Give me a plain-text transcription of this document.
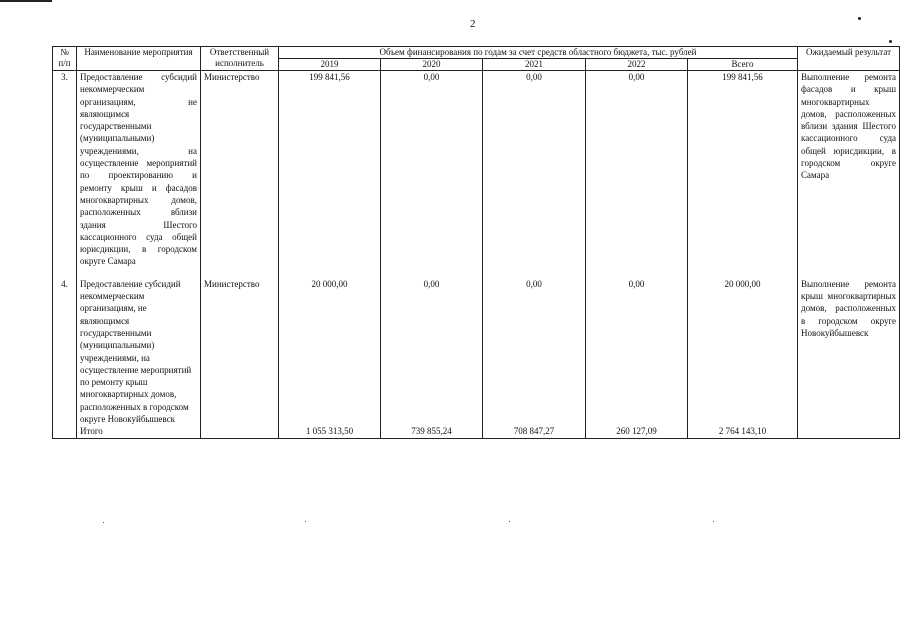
2
№ п/п	Наименование мероприятия	Ответственный исполнитель	Объем финансирования по годам за счет средств областного бюджета, тыс. рублей					Ожидаемый результат
			2019	2020	2021	2022	Всего	
3.	Предоставление субсидий некоммерческим организациям, не являющимся государственными (муниципальными) учреждениями, на осуществление мероприятий по проектированию и ремонту крыш и фасадов многоквартирных домов, расположенных вблизи здания Шестого кассационного суда общей юрисдикции, в городском округе Самара	Министерство	199 841,56	0,00	0,00	0,00	199 841,56	Выполнение ремонта фасадов и крыш многоквартирных домов, расположенных вблизи здания Шестого кассационного суда общей юрисдикции, в городском округе Самара

4.	Предоставление субсидий некоммерческим организациям, не являющимся государственными (муниципальными) учреждениями, на осуществление мероприятий по ремонту крыш многоквартирных домов, расположенных в городском округе Новокуйбышевск	Министерство	20 000,00	0,00	0,00	0,00	20 000,00	Выполнение ремонта крыш многоквартирных домов, расположенных в городском округе Новокуйбышевск
	Итого		1 055 313,50	739 855,24	708 847,27	260 127,09	2 764 143,10	
